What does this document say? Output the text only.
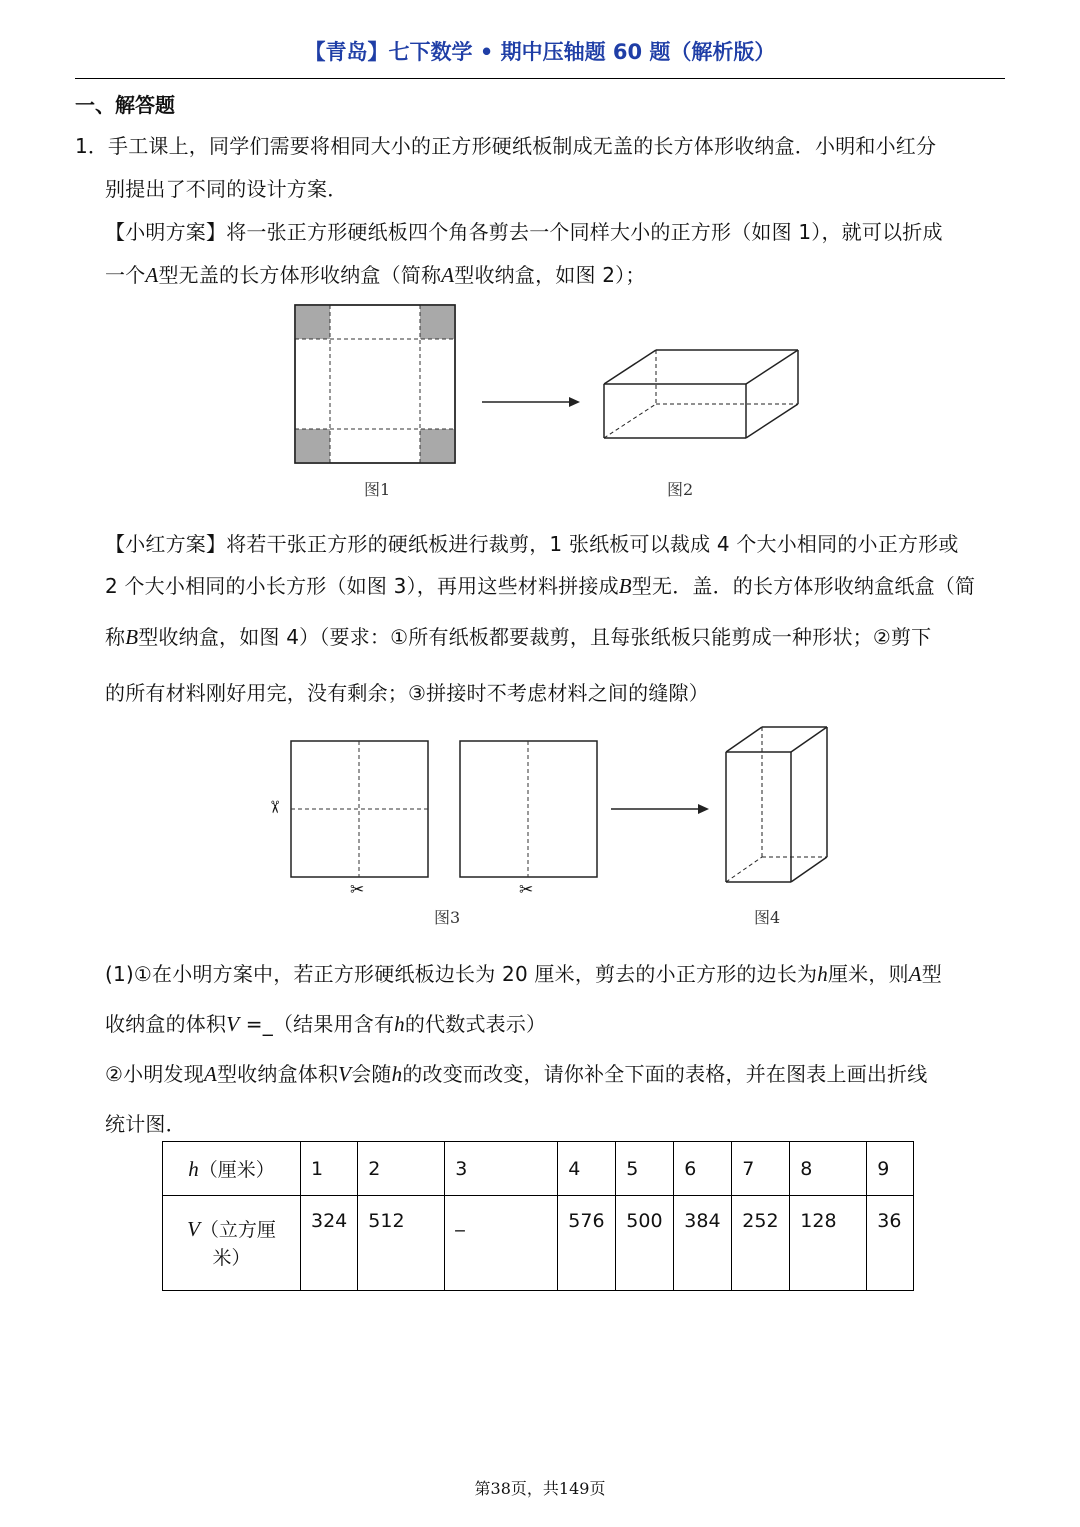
【青岛】七下数学 • 期中压轴题 60 题（解析版）
一、解答题
1． 手工课上，同学们需要将相同大小的正方形硬纸板制成无盖的长方体形收纳盒．小明和小红分
别提出了不同的设计方案．
【小明方案】将一张正方形硬纸板四个角各剪去一个同样大小的正方形（如图 1），就可以折成
一个A型无盖的长方体形收纳盒（简称A型收纳盒，如图 2）；
图1	图2
【小红方案】将若干张正方形的硬纸板进行裁剪，1 张纸板可以裁成 4 个大小相同的小正方形或
2 个大小相同的小长方形（如图 3），再用这些材料拼接成B型无．盖．的长方体形收纳盒纸盒（简
称B型收纳盒，如图 4）（要求：①所有纸板都要裁剪，且每张纸板只能剪成一种形状；②剪下
的所有材料刚好用完，没有剩余；③拼接时不考虑材料之间的缝隙）
✂
✂	✂
图3	图4
(1)①在小明方案中，若正方形硬纸板边长为 20 厘米，剪去的小正方形的边长为h厘米，则A型
收纳盒的体积V =_（结果用含有h的代数式表示）
②小明发现A型收纳盒体积V会随h的改变而改变，请你补全下面的表格，并在图表上画出折线
统计图．
h（厘米）	1	2	3	4	5	6	7	8	9
V（立方厘
米）	324	512	_	576	500	384	252	128	36
第38页，共149页
